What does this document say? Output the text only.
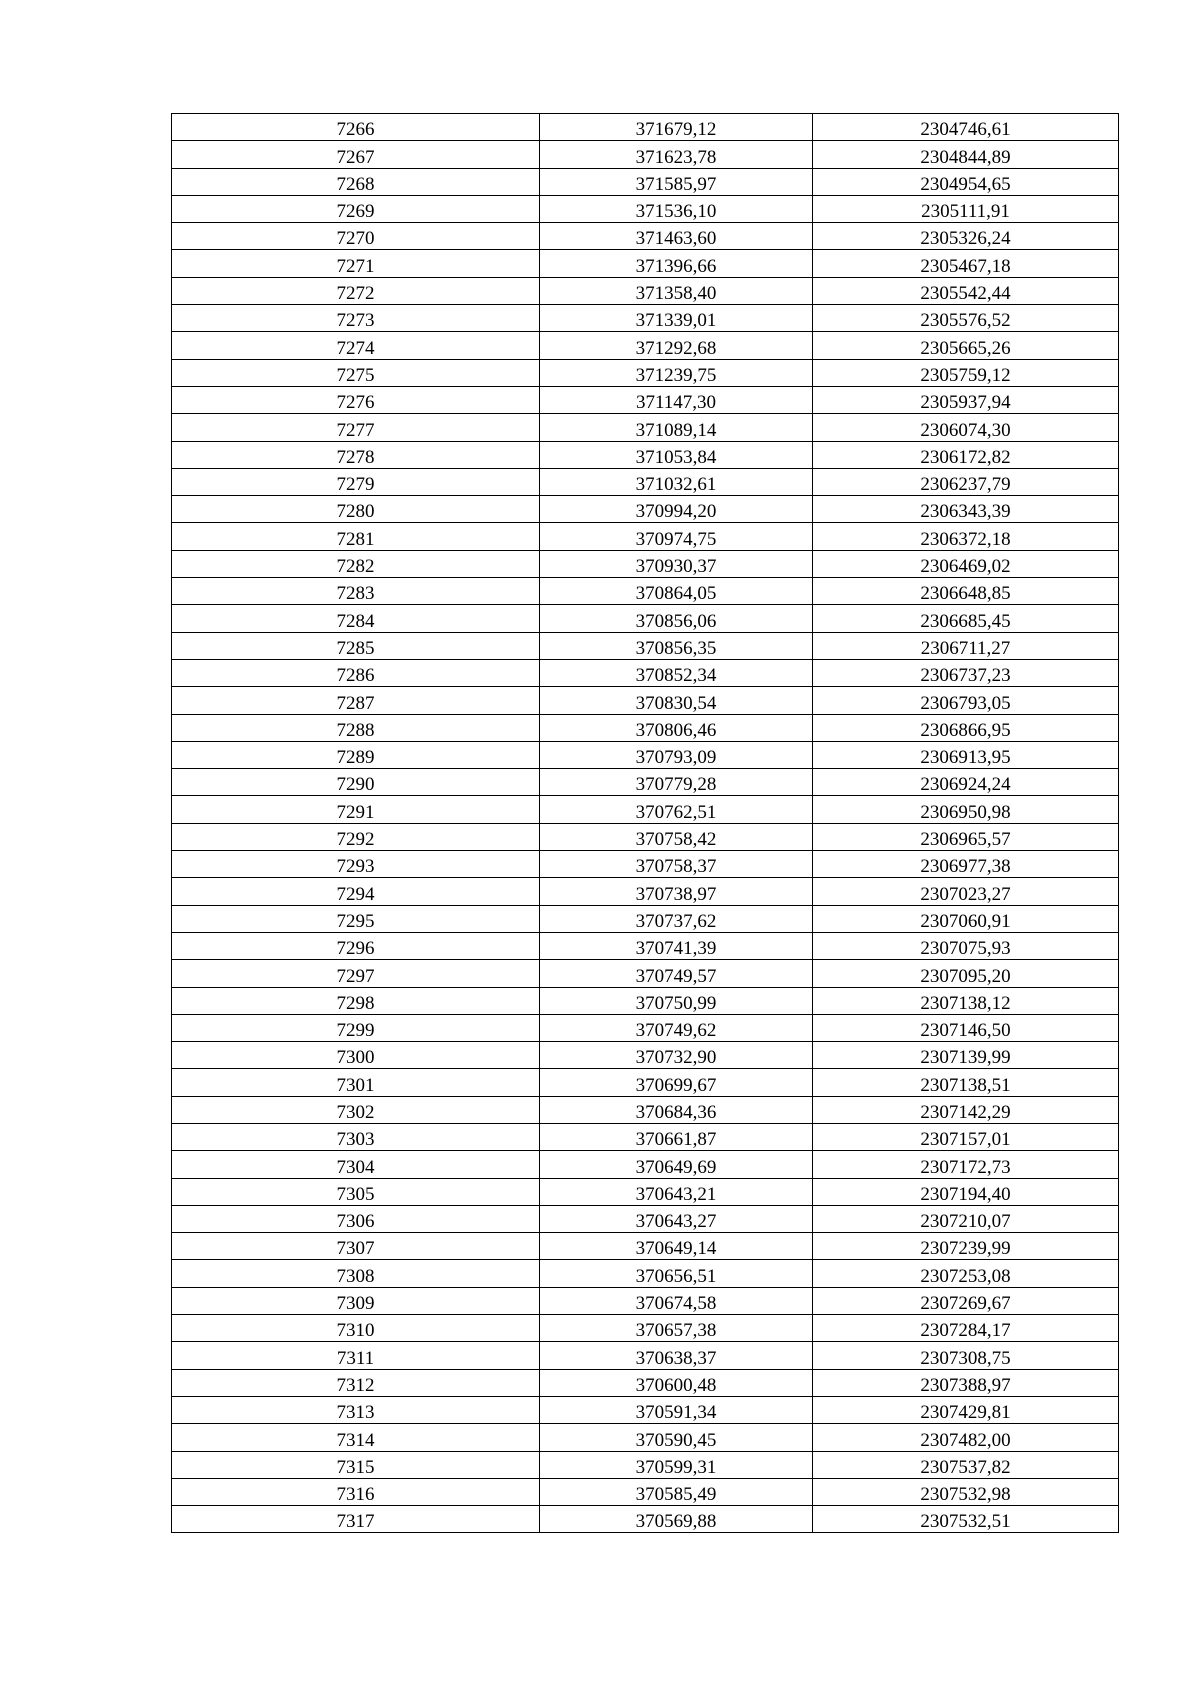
7266	371679,12	2304746,61
7267	371623,78	2304844,89
7268	371585,97	2304954,65
7269	371536,10	2305111,91
7270	371463,60	2305326,24
7271	371396,66	2305467,18
7272	371358,40	2305542,44
7273	371339,01	2305576,52
7274	371292,68	2305665,26
7275	371239,75	2305759,12
7276	371147,30	2305937,94
7277	371089,14	2306074,30
7278	371053,84	2306172,82
7279	371032,61	2306237,79
7280	370994,20	2306343,39
7281	370974,75	2306372,18
7282	370930,37	2306469,02
7283	370864,05	2306648,85
7284	370856,06	2306685,45
7285	370856,35	2306711,27
7286	370852,34	2306737,23
7287	370830,54	2306793,05
7288	370806,46	2306866,95
7289	370793,09	2306913,95
7290	370779,28	2306924,24
7291	370762,51	2306950,98
7292	370758,42	2306965,57
7293	370758,37	2306977,38
7294	370738,97	2307023,27
7295	370737,62	2307060,91
7296	370741,39	2307075,93
7297	370749,57	2307095,20
7298	370750,99	2307138,12
7299	370749,62	2307146,50
7300	370732,90	2307139,99
7301	370699,67	2307138,51
7302	370684,36	2307142,29
7303	370661,87	2307157,01
7304	370649,69	2307172,73
7305	370643,21	2307194,40
7306	370643,27	2307210,07
7307	370649,14	2307239,99
7308	370656,51	2307253,08
7309	370674,58	2307269,67
7310	370657,38	2307284,17
7311	370638,37	2307308,75
7312	370600,48	2307388,97
7313	370591,34	2307429,81
7314	370590,45	2307482,00
7315	370599,31	2307537,82
7316	370585,49	2307532,98
7317	370569,88	2307532,51
